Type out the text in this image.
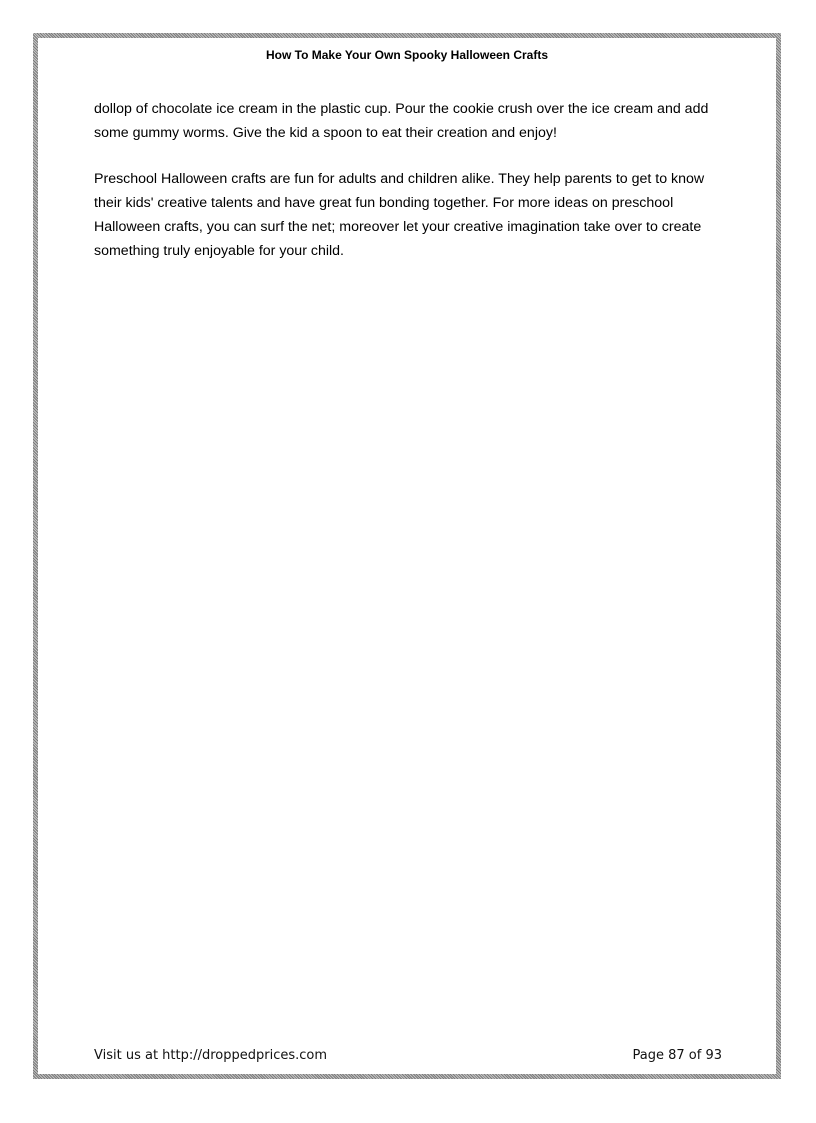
How To Make Your Own Spooky Halloween Crafts

dollop of chocolate ice cream in the plastic cup. Pour the cookie crush over the ice cream and add some gummy worms. Give the kid a spoon to eat their creation and enjoy!

Preschool Halloween crafts are fun for adults and children alike. They help parents to get to know their kids' creative talents and have great fun bonding together. For more ideas on preschool Halloween crafts, you can surf the net; moreover let your creative imagination take over to create something truly enjoyable for your child.

Visit us at http://droppedprices.com	Page 87 of 93
